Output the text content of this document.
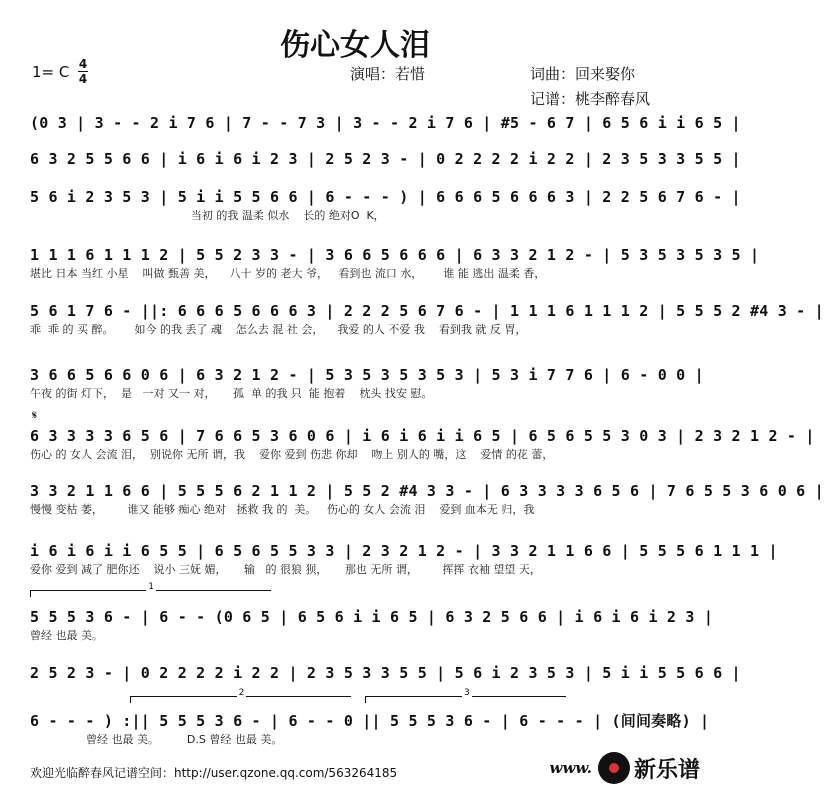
伤心女人泪
1= C 4
4	演唱：若惜	词曲：回来娶你
记谱：桃李醉春风
𝄋
(0 3 | 3 - - 2 i 7 6 | 7 - - 7 3 | 3 - - 2 i 7 6 | #5 - 6 7 | 6 5 6 i i 6 5 |
6 3 2 5 5 6 6 | i 6 i 6 i 2 3 | 2 5 2 3 - | 0 2 2 2 2 i 2 2 | 2 3 5 3 3 5 5 |
5 6 i 2 3 5 3 | 5 i i 5 5 6 6 | 6 - - - ) | 6 6 6 5 6 6 6 3 | 2 2 5 6 7 6 - |
当初 的我 温柔 似水    长的 绝对O  K，
1 1 1 6 1 1 1 2 | 5 5 2 3 3 - | 3 6 6 5 6 6 6 | 6 3 3 2 1 2 - | 5 3 5 3 5 3 5 |
堪比 日本 当红 小星    叫做 甄善 美，    八十 岁的 老大 爷，   看到也 流口 水，      谁 能 逃出 温柔 香，
5 6 1 7 6 - ||: 6 6 6 5 6 6 6 3 | 2 2 2 5 6 7 6 - | 1 1 1 6 1 1 1 2 | 5 5 5 2 #4 3 - |
乖  乖 的 买 醉。      如今 的我 丢了 魂    怎么去 混 社 会，    我爱 的人 不爱 我    看到我 就 反 胃，
3 6 6 5 6 6 0 6 | 6 3 2 1 2 - | 5 3 5 3 5 3 5 3 | 5 3 i 7 7 6 | 6 - 0 0 |
午夜 的街 灯下，  是   一对 又一 对，     孤  单 的我 只  能 抱着    枕头 找安 慰。
6 3 3 3 3 6 5 6 | 7 6 6 5 3 6 0 6 | i 6 i 6 i i 6 5 | 6 5 6 5 5 3 0 3 | 2 3 2 1 2 - |
伤心 的 女人 会流 泪，  别说你 无所 谓，我    爱你 爱到 伤悲 你却    吻上 别人的 嘴，这    爱情 的花 蕾，
3 3 2 1 1 6 6 | 5 5 5 6 2 1 1 2 | 5 5 2 #4 3 3 - | 6 3 3 3 3 6 5 6 | 7 6 5 5 3 6 0 6 |
慢慢 变枯 萎，       谁又 能够 痴心 绝对   拯救 我 的  美。   伤心的 女人 会流 泪    爱到 血本无 归，我
i 6 i 6 i i 6 5 5 | 6 5 6 5 5 3 3 | 2 3 2 1 2 - | 3 3 2 1 1 6 6 | 5 5 5 6 1 1 1 |
爱你 爱到 减了 肥你还    说小 三妩 媚，     输   的 很狼 狈，     那也 无所 谓，       挥挥 衣袖 望望 天，
5 5 5 3 6 - | 6 - - (0 6 5 | 6 5 6 i i 6 5 | 6 3 2 5 6 6 | i 6 i 6 i 2 3 |
曾经 也最 美。
2 5 2 3 - | 0 2 2 2 2 i 2 2 | 2 3 5 3 3 5 5 | 5 6 i 2 3 5 3 | 5 i i 5 5 6 6 |
6 - - - ) :|| 5 5 5 3 6 - | 6 - - 0 || 5 5 5 3 6 - | 6 - - - | (间间奏略) |
曾经 也最 美。        D.S 曾经 也最 美。
1
2	3
欢迎光临醉春风记谱空间：http://user.qzone.qq.com/563264185	www. 新乐谱
